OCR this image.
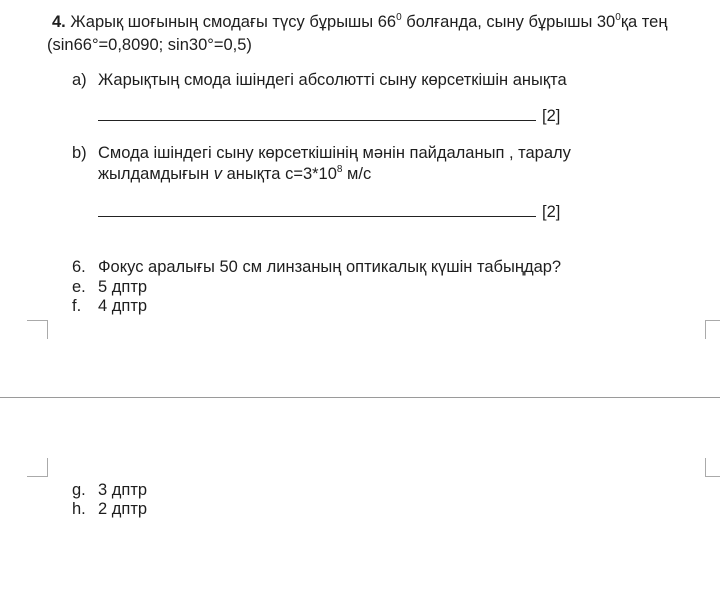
4. Жарық шоғының смодағы түсу бұрышы $66^0$ болғанда, сыну бұрышы $30^0қа$ тең
(sin66°=0,8090; sin30°=0,5)
a) Жарықтың смода ішіндегі абсолютті сыну көрсеткішін анықта
[2]
b) Смода ішіндегі сыну көрсеткішінің мәнін пайдаланып , таралу
жылдамдығын v анықта $c=3*10^8$ м/с
[2]
6. Фокус аралығы 50 см линзаның оптикалық күшін табыңдар?
e. 5 дптр
f. 4 дптр
g. 3 дптр
h. 2 дптр
